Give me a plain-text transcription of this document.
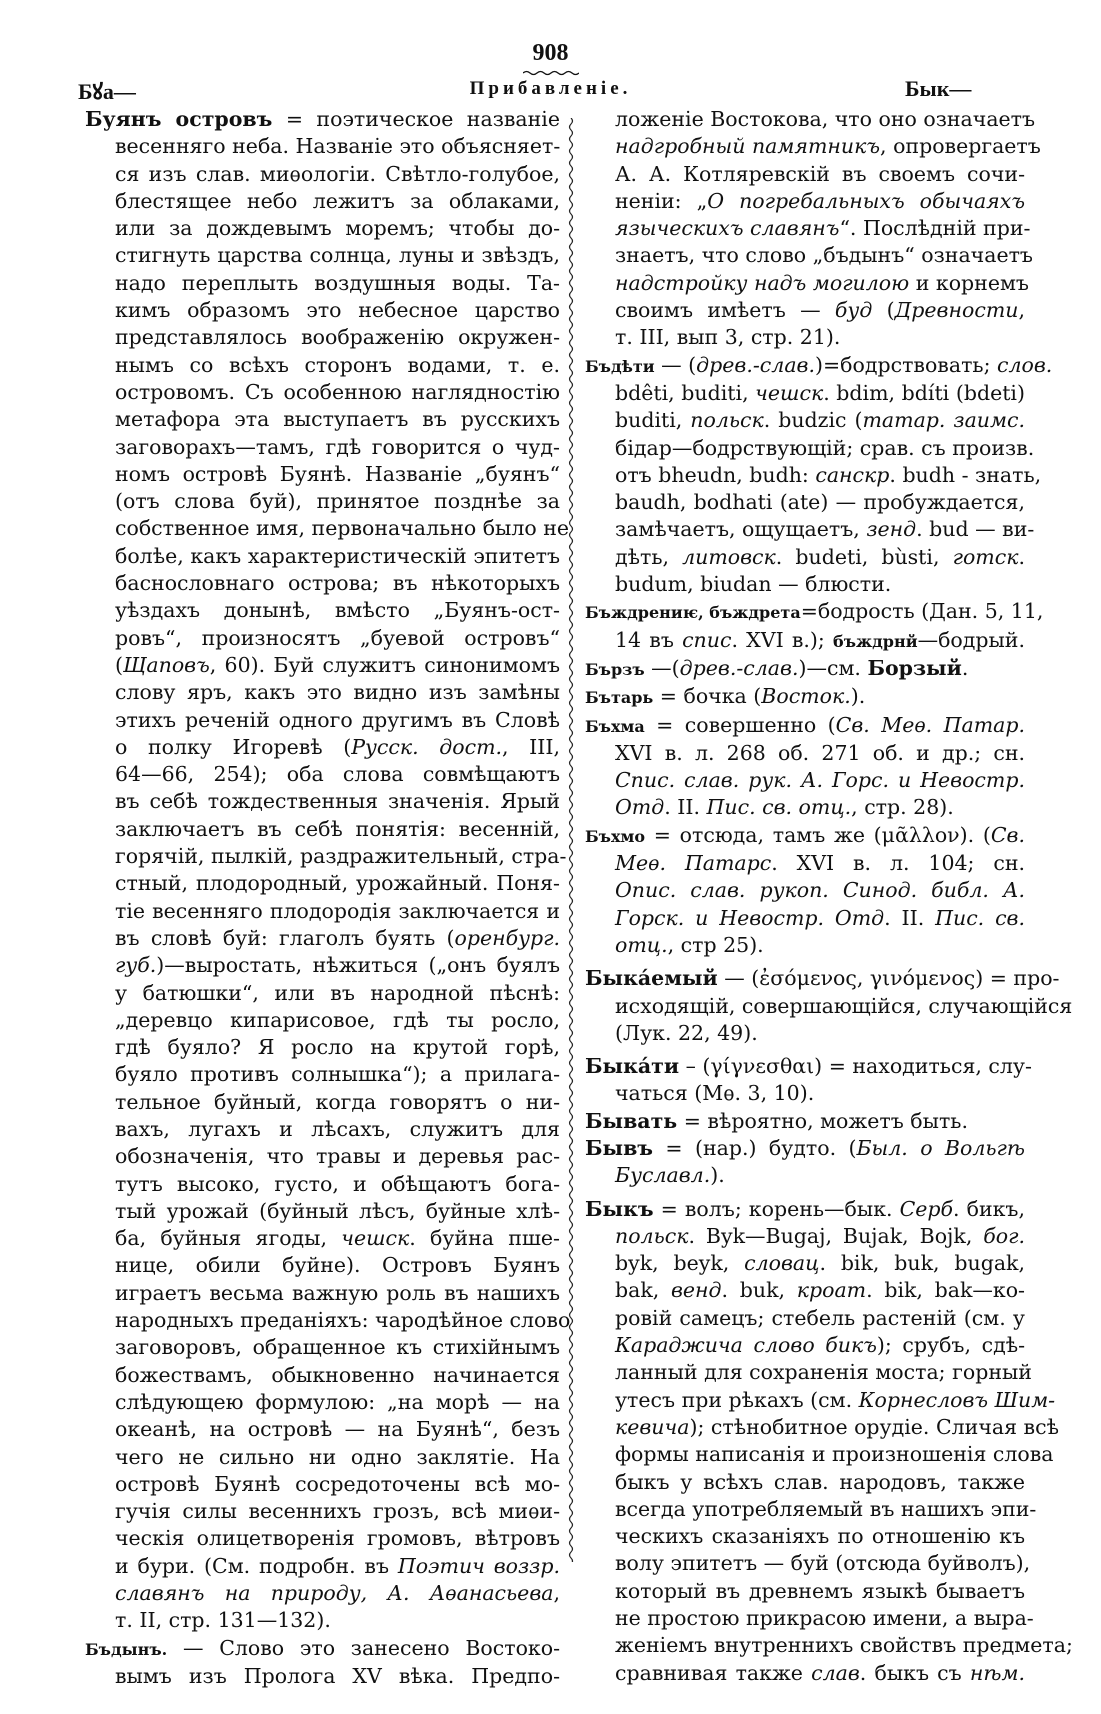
908
Бꙋа—	Прибавленіе.	Бык—
Буянъ островъ = поэтическое названіе
весенняго неба. Названіе это объясняет-
ся изъ слав. миѳологіи. Свѣтло-голубое,
блестящее небо лежитъ за облаками,
или за дождевымъ моремъ; чтобы до-
стигнуть царства солнца, луны и звѣздъ,
надо переплыть воздушныя воды. Та-
кимъ образомъ это небесное царство
представлялось воображенію окружен-
нымъ со всѣхъ сторонъ водами, т. е.
островомъ. Съ особенною наглядностію
метафора эта выступаетъ въ русскихъ
заговорахъ—тамъ, гдѣ говорится о чуд-
номъ островѣ Буянѣ. Названіе „буянъ“
(отъ слова буй), принятое позднѣе за
собственное имя, первоначально было не
болѣе, какъ характеристическій эпитетъ
баснословнаго острова; въ нѣкоторыхъ
уѣздахъ донынѣ, вмѣсто „Буянъ-ост-
ровъ“, произносятъ „буевой островъ“
(Щаповъ, 60). Буй служитъ синонимомъ
слову яръ, какъ это видно изъ замѣны
этихъ реченій одного другимъ въ Словѣ
о полку Игоревѣ (Русск. дост., III,
64—66, 254); оба слова совмѣщаютъ
въ себѣ тождественныя значенія. Ярый
заключаетъ въ себѣ понятія: весенній,
горячій, пылкій, раздражительный, стра-
стный, плодородный, урожайный. Поня-
тіе весенняго плодородія заключается и
въ словѣ буй: глаголъ буять (оренбург.
губ.)—выростать, нѣжиться („онъ буялъ
у батюшки“, или въ народной пѣснѣ:
„деревцо кипарисовое, гдѣ ты росло,
гдѣ буяло? Я росло на крутой горѣ,
буяло противъ солнышка“); а прилага-
тельное буйный, когда говорятъ о ни-
вахъ, лугахъ и лѣсахъ, служитъ для
обозначенія, что травы и деревья рас-
тутъ высоко, густо, и обѣщаютъ бога-
тый урожай (буйный лѣсъ, буйные хлѣ-
ба, буйныя ягоды, чешск. буйна пше-
нице, обили буйне). Островъ Буянъ
играетъ весьма важную роль въ нашихъ
народныхъ преданіяхъ: чародѣйное слово
заговоровъ, обращенное къ стихійнымъ
божествамъ, обыкновенно начинается
слѣдующею формулою: „на морѣ — на
океанѣ, на островѣ — на Буянѣ“, безъ
чего не сильно ни одно заклятіе. На
островѣ Буянѣ сосредоточены всѣ мо-
гучія силы весеннихъ грозъ, всѣ миѳи-
ческія олицетворенія громовъ, вѣтровъ
и бури. (См. подробн. въ Поэтич воззр.
славянъ на природу, А. Аѳанасьева,
т. II, стр. 131—132).
Бъдынъ. — Слово это занесено Востоко-
вымъ изъ Пролога XV вѣка. Предпо-
ложеніе Востокова, что оно означаетъ
надгробный памятникъ, опровергаетъ
А. А. Котляревскій въ своемъ сочи-
неніи: „О погребальныхъ обычаяхъ
языческихъ славянъ“. Послѣдній при-
знаетъ, что слово „бъдынъ“ означаетъ
надстройку надъ могилою и корнемъ
своимъ имѣетъ — буд (Древности,
т. III, вып 3, стр. 21).
Бъдѣти — (древ.-слав.)=бодрствовать; слов.
bdêti, buditi, чешск. bdim, bdíti (bdeti)
buditi, польск. budzic (татар. заимс.
бідар—бодрствующій; срав. съ произв.
отъ bheudn, budh: санскр. budh - знать,
baudh, bodhati (ate) — пробуждается,
замѣчаетъ, ощущаетъ, зенд. bud — ви-
дѣть, литовск. budeti, bùsti, готск.
budum, biudan — блюсти.
Бъждрениѥ, бъждрета=бодрость (Дан. 5, 11,
14 въ спис. XVI в.); бъждрнй—бодрый.
Бързъ —(древ.-слав.)—см. Борзый.
Бътарь = бочка (Восток.).
Бъхма = совершенно (Св. Меѳ. Патар.
XVI в. л. 268 об. 271 об. и др.; сн.
Спис. слав. рук. А. Горс. и Невостр.
Отд. II. Пис. св. отц., стр. 28).
Бъхмо = отсюда, тамъ же (μᾶλλον). (Св.
Меѳ. Патарс. XVI в. л. 104; сн.
Опис. слав. рукоп. Синод. библ. А.
Горск. и Невостр. Отд. II. Пис. св.
отц., стр 25).
Быка́емый — (ἐσόμενος, γινόμενος) = про-
исходящій, совершающійся, случающійся
(Лук. 22, 49).
Быка́ти – (γίγνεσθαι) = находиться, слу-
чаться (Мѳ. 3, 10).
Бывать = вѣроятно, можетъ быть.
Бывъ = (нар.) будто. (Был. о Вольгѣ
Буславл.).
Быкъ = волъ; корень—бык. Серб. бикъ,
польск. Byk—Bugaj, Bujak, Bojk, бог.
byk, beyk, словац. bik, buk, bugak,
bak, венд. buk, кроат. bik, bak—ко-
ровій самецъ; стебель растеній (см. у
Караджича слово бикъ); срубъ, сдѣ-
ланный для сохраненія моста; горный
утесъ при рѣкахъ (см. Корнесловъ Шим-
кевича); стѣнобитное орудіе. Сличая всѣ
формы написанія и произношенія слова
быкъ у всѣхъ слав. народовъ, также
всегда употребляемый въ нашихъ эпи-
ческихъ сказаніяхъ по отношенію къ
волу эпитетъ — буй (отсюда буйволъ),
который въ древнемъ языкѣ бываетъ
не простою прикрасою имени, а выра-
женіемъ внутреннихъ свойствъ предмета;
сравнивая также слав. быкъ съ нѣм.
